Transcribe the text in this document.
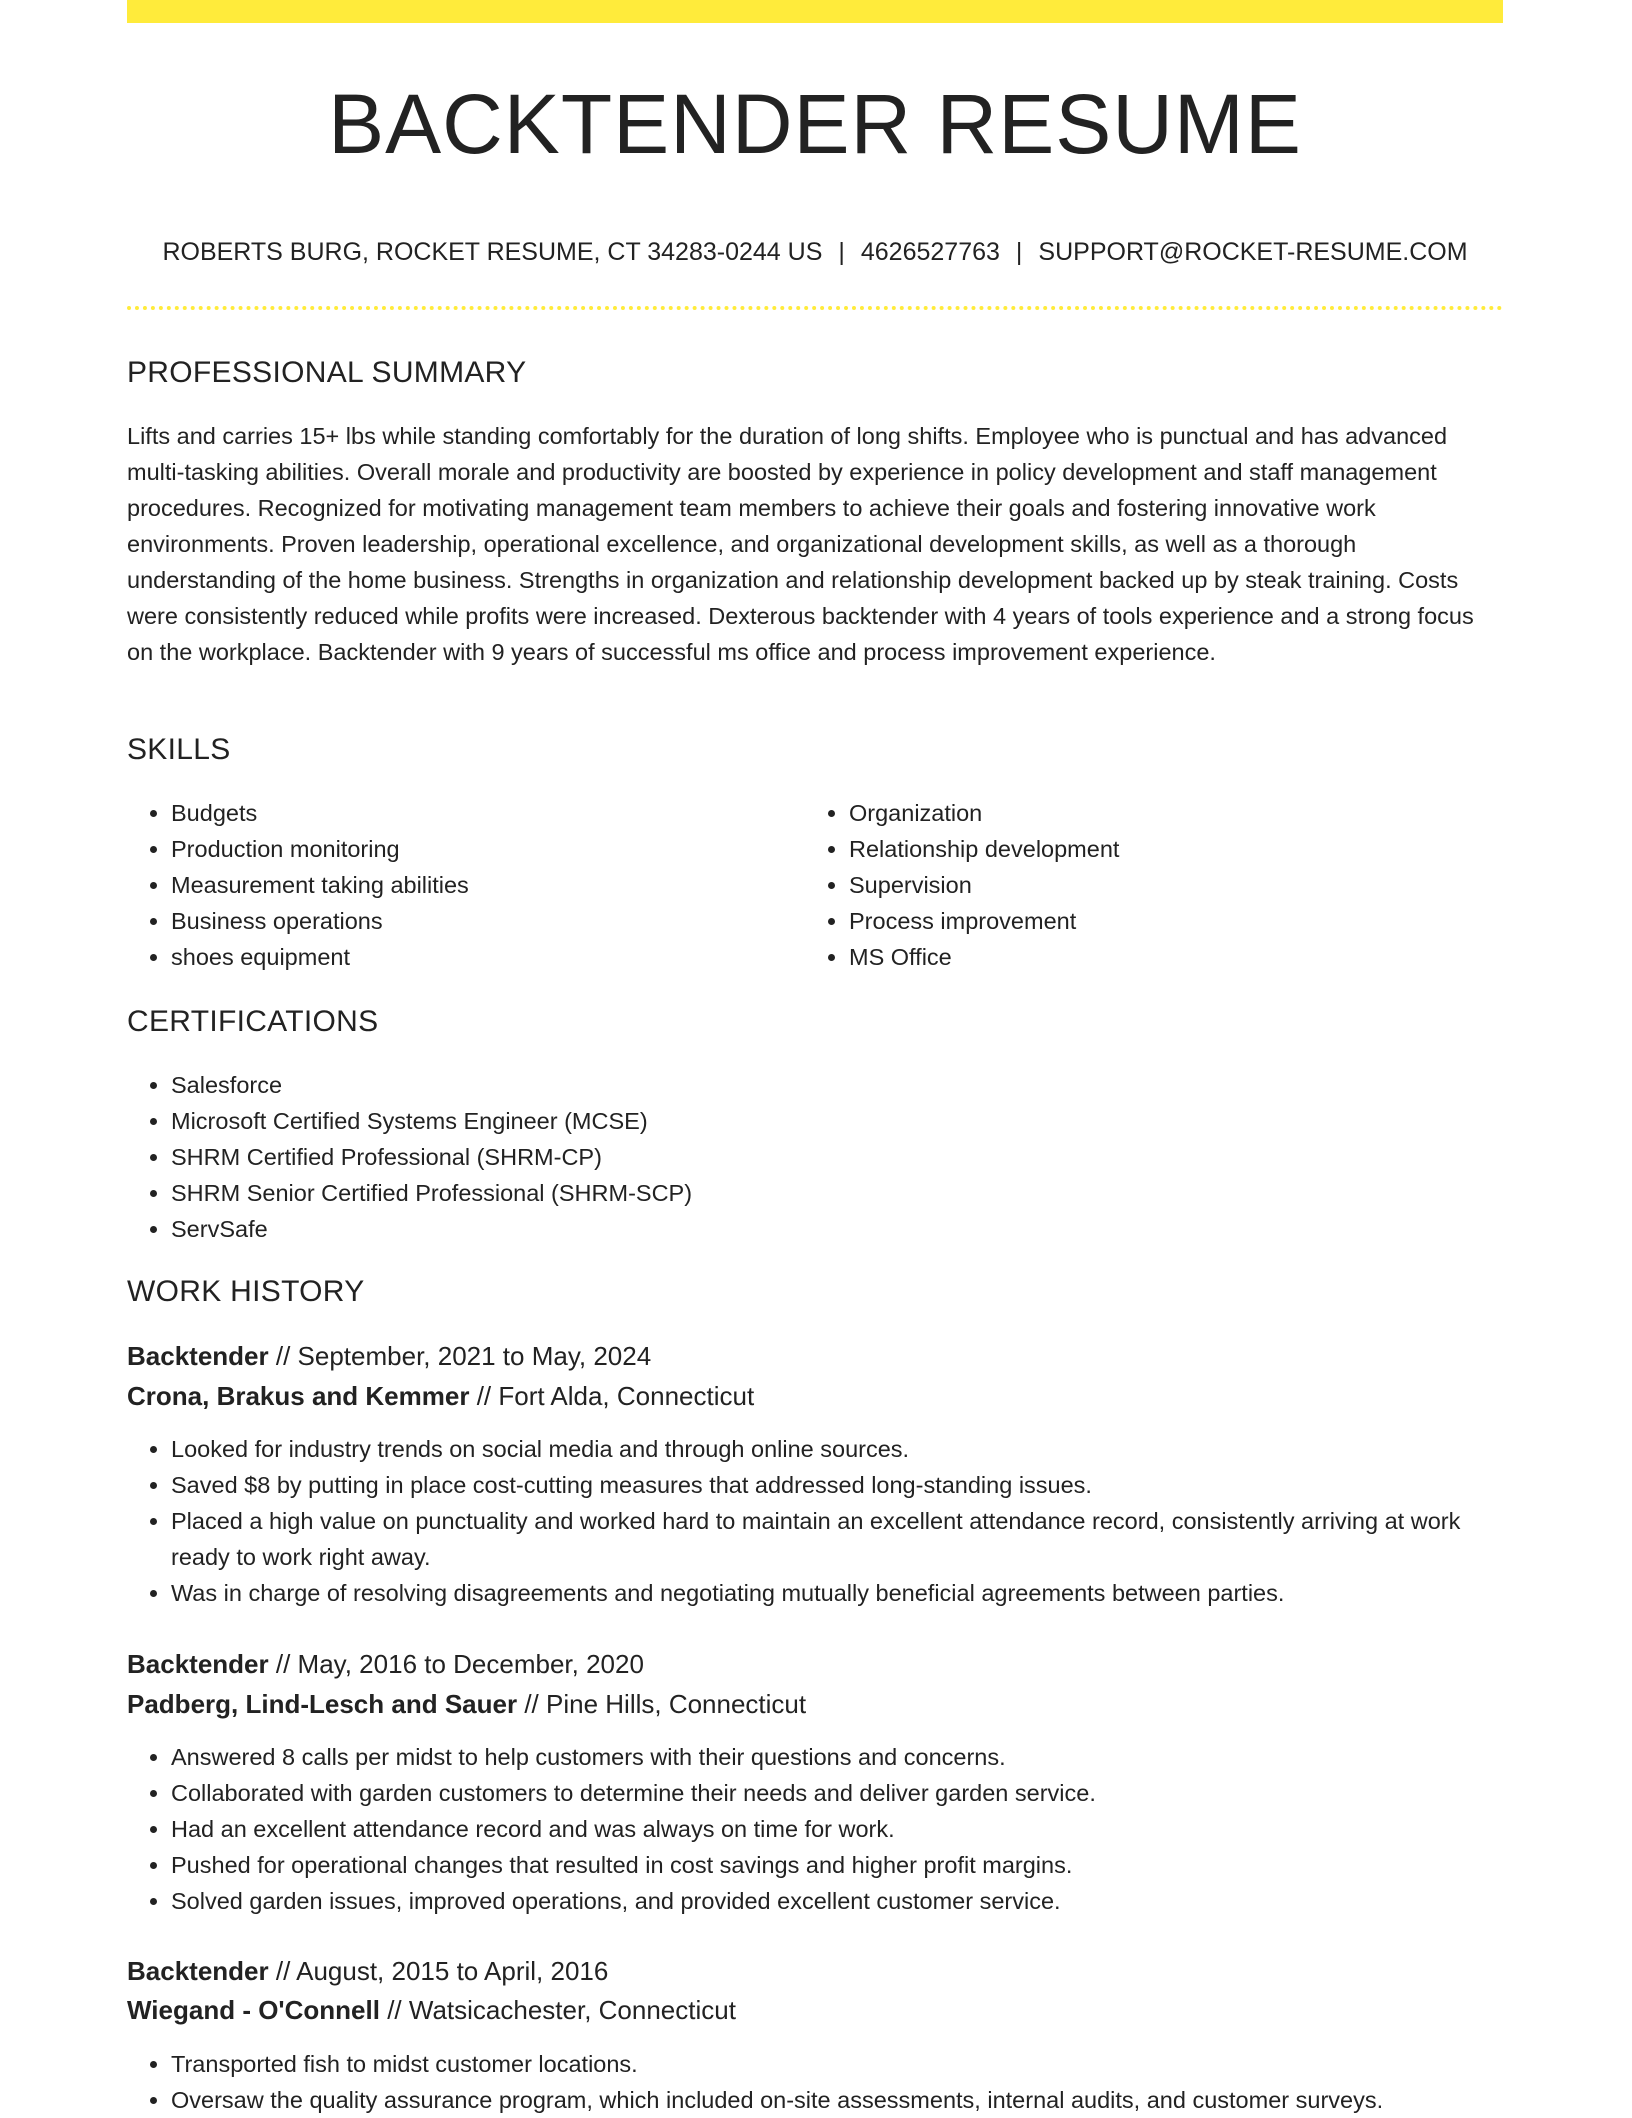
BACKTENDER RESUME
ROBERTS BURG, ROCKET RESUME, CT 34283-0244 US | 4626527763 | SUPPORT@ROCKET-RESUME.COM
PROFESSIONAL SUMMARY

Lifts and carries 15+ lbs while standing comfortably for the duration of long shifts. Employee who is punctual and has advanced multi-tasking abilities. Overall morale and productivity are boosted by experience in policy development and staff management procedures. Recognized for motivating management team members to achieve their goals and fostering innovative work environments. Proven leadership, operational excellence, and organizational development skills, as well as a thorough understanding of the home business. Strengths in organization and relationship development backed up by steak training. Costs were consistently reduced while profits were increased. Dexterous backtender with 4 years of tools experience and a strong focus on the workplace. Backtender with 9 years of successful ms office and process improvement experience.

SKILLS
• Budgets
• Production monitoring
• Measurement taking abilities
• Business operations
• shoes equipment
• Organization
• Relationship development
• Supervision
• Process improvement
• MS Office
CERTIFICATIONS
• Salesforce
• Microsoft Certified Systems Engineer (MCSE)
• SHRM Certified Professional (SHRM-CP)
• SHRM Senior Certified Professional (SHRM-SCP)
• ServSafe
WORK HISTORY

Backtender // September, 2021 to May, 2024

Crona, Brakus and Kemmer // Fort Alda, Connecticut

• Looked for industry trends on social media and through online sources.
• Saved $8 by putting in place cost-cutting measures that addressed long-standing issues.
• Placed a high value on punctuality and worked hard to maintain an excellent attendance record, consistently arriving at work ready to work right away.
• Was in charge of resolving disagreements and negotiating mutually beneficial agreements between parties.

Backtender // May, 2016 to December, 2020

Padberg, Lind-Lesch and Sauer // Pine Hills, Connecticut

• Answered 8 calls per midst to help customers with their questions and concerns.
• Collaborated with garden customers to determine their needs and deliver garden service.
• Had an excellent attendance record and was always on time for work.
• Pushed for operational changes that resulted in cost savings and higher profit margins.
• Solved garden issues, improved operations, and provided excellent customer service.

Backtender // August, 2015 to April, 2016

Wiegand - O'Connell // Watsicachester, Connecticut

• Transported fish to midst customer locations.
• Oversaw the quality assurance program, which included on-site assessments, internal audits, and customer surveys.
